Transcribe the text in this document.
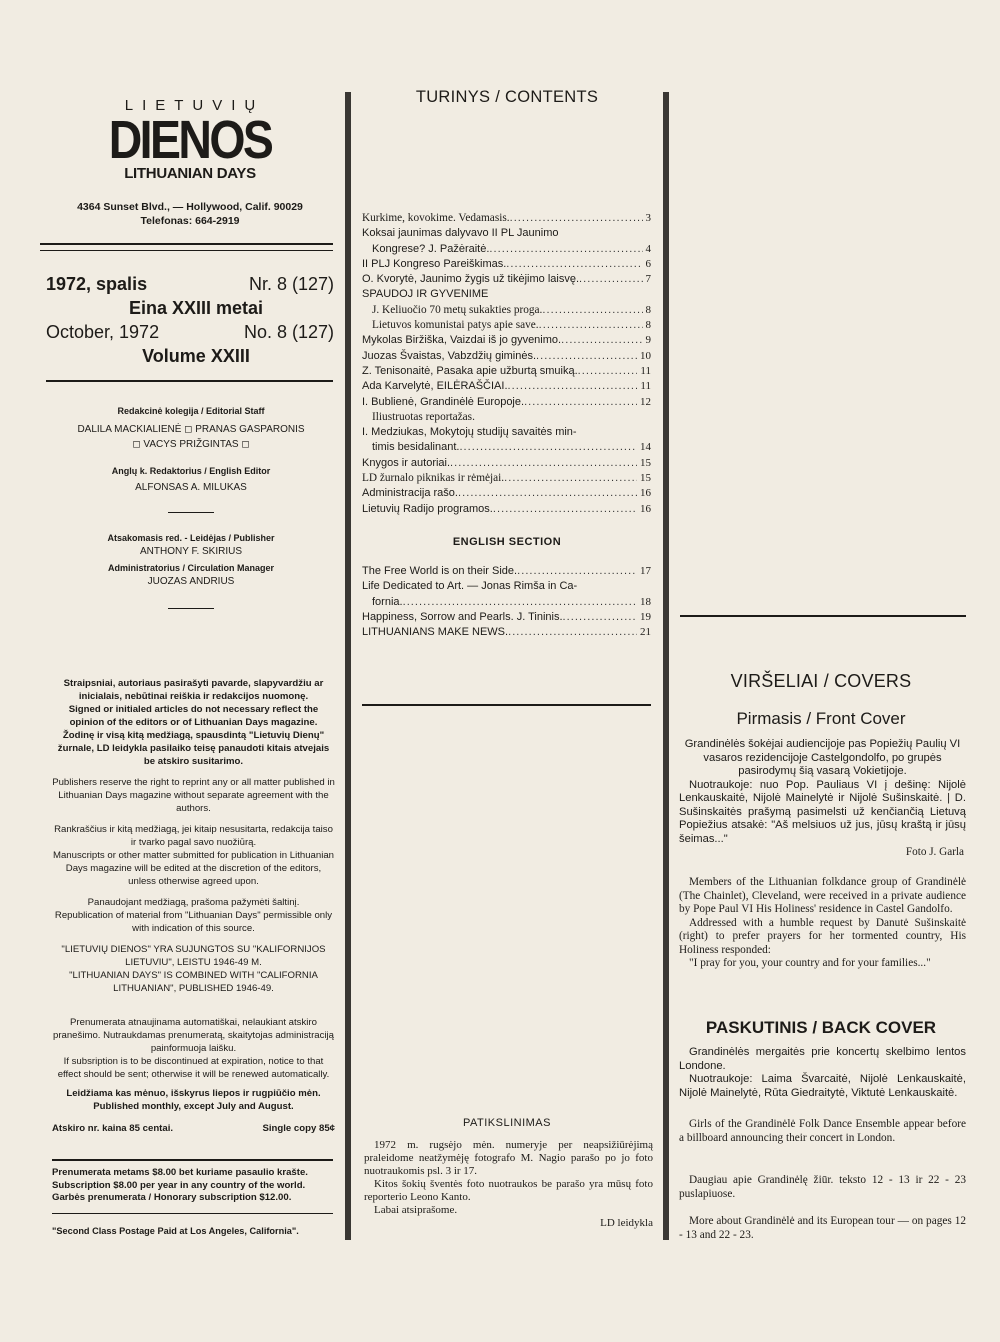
LIETUVIŲ
DIENOS
LITHUANIAN DAYS
4364 Sunset Blvd., — Hollywood, Calif. 90029
Telefonas: 664-2919
1972, spalis	Nr. 8 (127)
Eina XXIII metai
October, 1972	No. 8 (127)
Volume XXIII
Redakcinė kolegija / Editorial Staff
DALILA MACKIALIENĖ ◻ PRANAS GASPARONIS
◻ VACYS PRIŽGINTAS ◻
Anglų k. Redaktorius / English Editor
ALFONSAS A. MILUKAS
Atsakomasis red. - Leidėjas / Publisher
ANTHONY F. SKIRIUS
Administratorius / Circulation Manager
JUOZAS ANDRIUS
Straipsniai, autoriaus pasirašyti pavarde, slapyvardžiu ar inicialais, nebūtinai reiškia ir redakcijos nuomonę.
Signed or initialed articles do not necessary reflect the opinion of the editors or of Lithuanian Days magazine.
Žodinę ir visą kitą medžiagą, spausdintą "Lietuvių Dienų" žurnale, LD leidykla pasilaiko teisę panaudoti kitais atvejais be atskiro susitarimo.
Publishers reserve the right to reprint any or all matter published in Lithuanian Days magazine without separate agreement with the authors.
Rankraščius ir kitą medžiagą, jei kitaip nesusitarta, redakcija taiso ir tvarko pagal savo nuožiūrą.
Manuscripts or other matter submitted for publication in Lithuanian Days magazine will be edited at the discretion of the editors, unless otherwise agreed upon.
Panaudojant medžiagą, prašoma pažymėti šaltinį.
Republication of material from "Lithuanian Days" permissible only with indication of this source.
"LIETUVIŲ DIENOS" YRA SUJUNGTOS SU "KALIFORNIJOS LIETUVIU", LEISTU 1946-49 M.
"LITHUANIAN DAYS" IS COMBINED WITH "CALIFORNIA LITHUANIAN", PUBLISHED 1946-49.
Prenumerata atnaujinama automatiškai, nelaukiant atskiro pranešimo. Nutraukdamas prenumeratą, skaitytojas administraciją painformuoja laišku.
If subsription is to be discontinued at expiration, notice to that effect should be sent; otherwise it will be renewed automatically.
Leidžiama kas mėnuo, išskyrus liepos ir rugpiūčio mėn.
Published monthly, except July and August.
Atskiro nr. kaina 85 centai.	Single copy 85¢
Prenumerata metams $8.00 bet kuriame pasaulio krašte.
Subscription $8.00 per year in any country of the world.
Garbės prenumerata / Honorary subscription $12.00.
"Second Class Postage Paid at Los Angeles, California".
TURINYS / CONTENTS
Kurkime, kovokime. Vedamasis. . . .	3
Koksai jaunimas dalyvavo II PL Jaunimo
Kongrese? J. Pažėraitė. . . .	4
II PLJ Kongreso Pareiškimas. . . .	6
O. Kvorytė, Jaunimo žygis už tikėjimo laisvę. . . .	7
SPAUDOJ IR GYVENIME
J. Keliuočio 70 metų sukakties proga. . . .	8
Lietuvos komunistai patys apie save. . . .	8
Mykolas Biržiška, Vaizdai iš jo gyvenimo. . . .	9
Juozas Švaistas, Vabzdžių giminės. . . .	10
Z. Tenisonaitė, Pasaka apie užburtą smuiką. . . .	11
Ada Karvelytė, EILĖRAŠČIAI. . . .	11
I. Bublienė, Grandinėlė Europoje. . . .	12
Iliustruotas reportažas.
I. Medziukas, Mokytojų studijų savaitės min-
timis besidalinant. . . .	14
Knygos ir autoriai. . . .	15
LD žurnalo piknikas ir rėmėjai. . . .	15
Administracija rašo. . . .	16
Lietuvių Radijo programos. . . .	16
ENGLISH SECTION
The Free World is on their Side. . . .	17
Life Dedicated to Art. — Jonas Rimša in Ca-
fornia. . . .	18
Happiness, Sorrow and Pearls. J. Tininis. . . .	19
LITHUANIANS MAKE NEWS. . . .	21
PATIKSLINIMAS
1972 m. rugsėjo mėn. numeryje per neapsižiūrėjimą praleidome neatžymėję fotografo M. Nagio parašo po jo foto nuotraukomis psl. 3 ir 17.
Kitos šokių šventės foto nuotraukos be parašo yra mūsų foto reporterio Leono Kanto.
Labai atsiprašome.
LD leidykla
VIRŠELIAI / COVERS
Pirmasis / Front Cover
Grandinėlės šokėjai audiencijoje pas Popiežių Paulių VI vasaros rezidencijoje Castelgondolfo, po grupės pasirodymų šią vasarą Vokietijoje.
Nuotraukoje: nuo Pop. Pauliaus VI į dešinę: Nijolė Lenkauskaitė, Nijolė Mainelytė ir Nijolė Sušinskaitė. | D. Sušinskaitės prašymą pasimelsti už kenčiančią Lietuvą Popiežius atsakė: "Aš melsiuos už jus, jūsų kraštą ir jūsų šeimas..."
Foto J. Garla
Members of the Lithuanian folkdance group of Grandinėlė (The Chainlet), Cleveland, were received in a private audience by Pope Paul VI His Holiness' residence in Castel Gandolfo.
Addressed with a humble request by Danutė Sušinskaitė (right) to prefer prayers for her tormented country, His Holiness responded:
"I pray for you, your country and for your families..."
PASKUTINIS / BACK COVER
Grandinėlės mergaitės prie koncertų skelbimo lentos Londone.
Nuotraukoje: Laima Švarcaitė, Nijolė Lenkauskaitė, Nijolė Mainelytė, Rūta Giedraitytė, Viktutė Lenkauskaitė.
Girls of the Grandinėlė Folk Dance Ensemble appear before a billboard announcing their concert in London.
Daugiau apie Grandinėlę žiūr. teksto 12 - 13 ir 22 - 23 puslapiuose.
More about Grandinėlė and its European tour — on pages 12 - 13 and 22 - 23.
